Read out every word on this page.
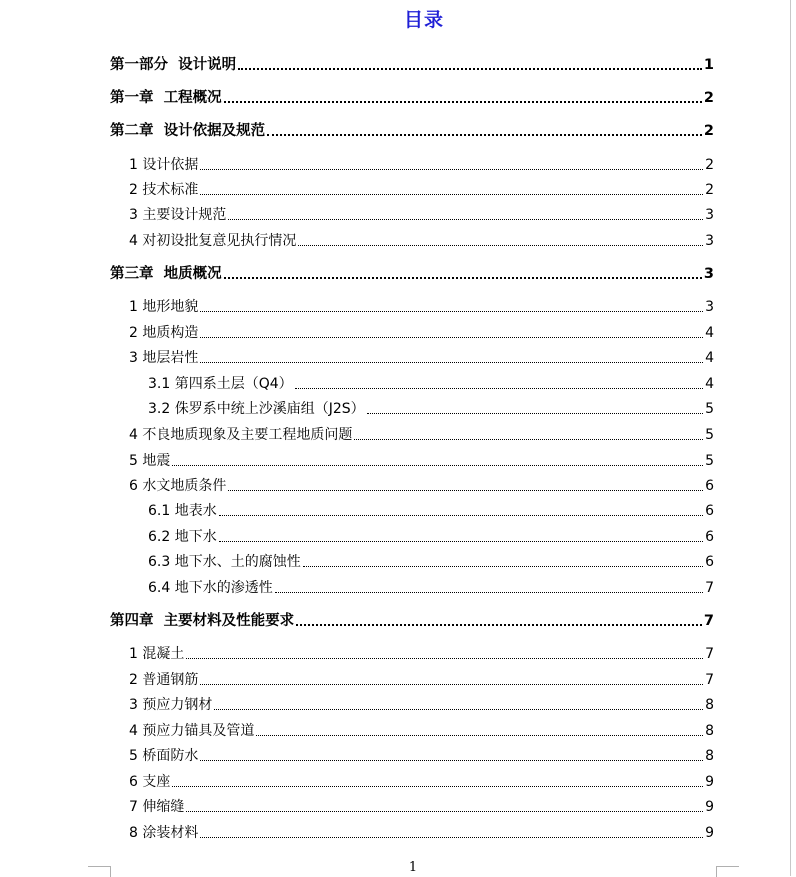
目录
第一部分  设计说明	1
第一章  工程概况	2
第二章  设计依据及规范	2
1 设计依据	2
2 技术标准	2
3 主要设计规范	3
4 对初设批复意见执行情况	3
第三章  地质概况	3
1 地形地貌	3
2 地质构造	4
3 地层岩性	4
3.1 第四系土层（Q4）	4
3.2 侏罗系中统上沙溪庙组（J2S）	5
4 不良地质现象及主要工程地质问题	5
5 地震	5
6 水文地质条件	6
6.1 地表水	6
6.2 地下水	6
6.3 地下水、土的腐蚀性	6
6.4 地下水的渗透性	7
第四章  主要材料及性能要求	7
1 混凝土	7
2 普通钢筋	7
3 预应力钢材	8
4 预应力锚具及管道	8
5 桥面防水	8
6 支座	9
7 伸缩缝	9
8 涂装材料	9
1
